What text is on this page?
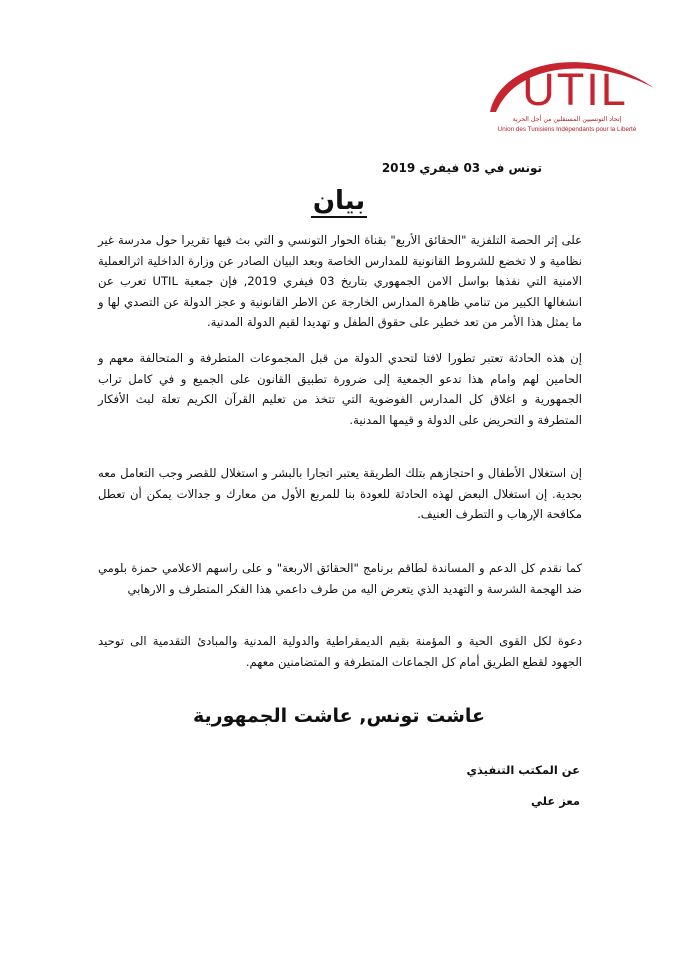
UTIL
إتحاد التونسيين المستقلين من أجل الحرية
Union des Tunisiens Indépendants pour la Liberté
تونس في 03 فيفري 2019
بيان

على إثر الحصة التلفزية "الحقائق الأربع" بقناة الحوار التونسي و التي بث فيها تقريرا حول مدرسة غير نظامية و لا تخضع للشروط القانونية للمدارس الخاصة وبعد البيان الصادر عن وزارة الداخلية اثرالعملية الامنية التي نفذها بواسل الامن الجمهوري بتاريخ 03 فيفري 2019, فإن جمعية UTIL تعرب عن انشغالها الكبير من تنامي ظاهرة المدارس الخارجة عن الاطر القانونية و عجز الدولة عن التصدي لها و ما يمثل هذا الأمر من تعد خطير على حقوق الطفل و تهديدا لقيم الدولة المدنية.

إن هذه الحادثة تعتبر تطورا لافتا لتحدي الدولة من قبل المجموعات المتطرفة و المتحالفة معهم و الحامين لهم وامام هذا تدعو الجمعية إلى ضرورة تطبيق القانون على الجميع و في كامل تراب الجمهورية و اغلاق كل المدارس الفوضوية التي تتخذ من تعليم القرآن الكريم تعلة لبث الأفكار المتطرفة و التحريض على الدولة و قيمها المدنية.

إن استغلال الأطفال و احتجازهم بتلك الطريقة يعتبر اتجارا بالبشر و استغلال للقصر وجب التعامل معه بجدية. إن استغلال البعض لهذه الحادثة للعودة بنا للمربع الأول من معارك و جدالات يمكن أن تعطل مكافحة الإرهاب و التطرف العنيف.

كما نقدم كل الدعم و المساندة لطاقم برنامج "الحقائق الاربعة" و على راسهم الاعلامي حمزة بلومي ضد الهجمة الشرسة و التهديد الذي يتعرض اليه من طرف داعمي هذا الفكر المتطرف و الارهابي

دعوة لكل القوى الحية و المؤمنة بقيم الديمقراطية والدولية المدنية والمبادئ التقدمية الى توحيد الجهود لقطع الطريق أمام كل الجماعات المتطرفة و المتضامنين معهم.

عاشت تونس, عاشت الجمهورية
عن المكتب التنفيذي
معز علي
